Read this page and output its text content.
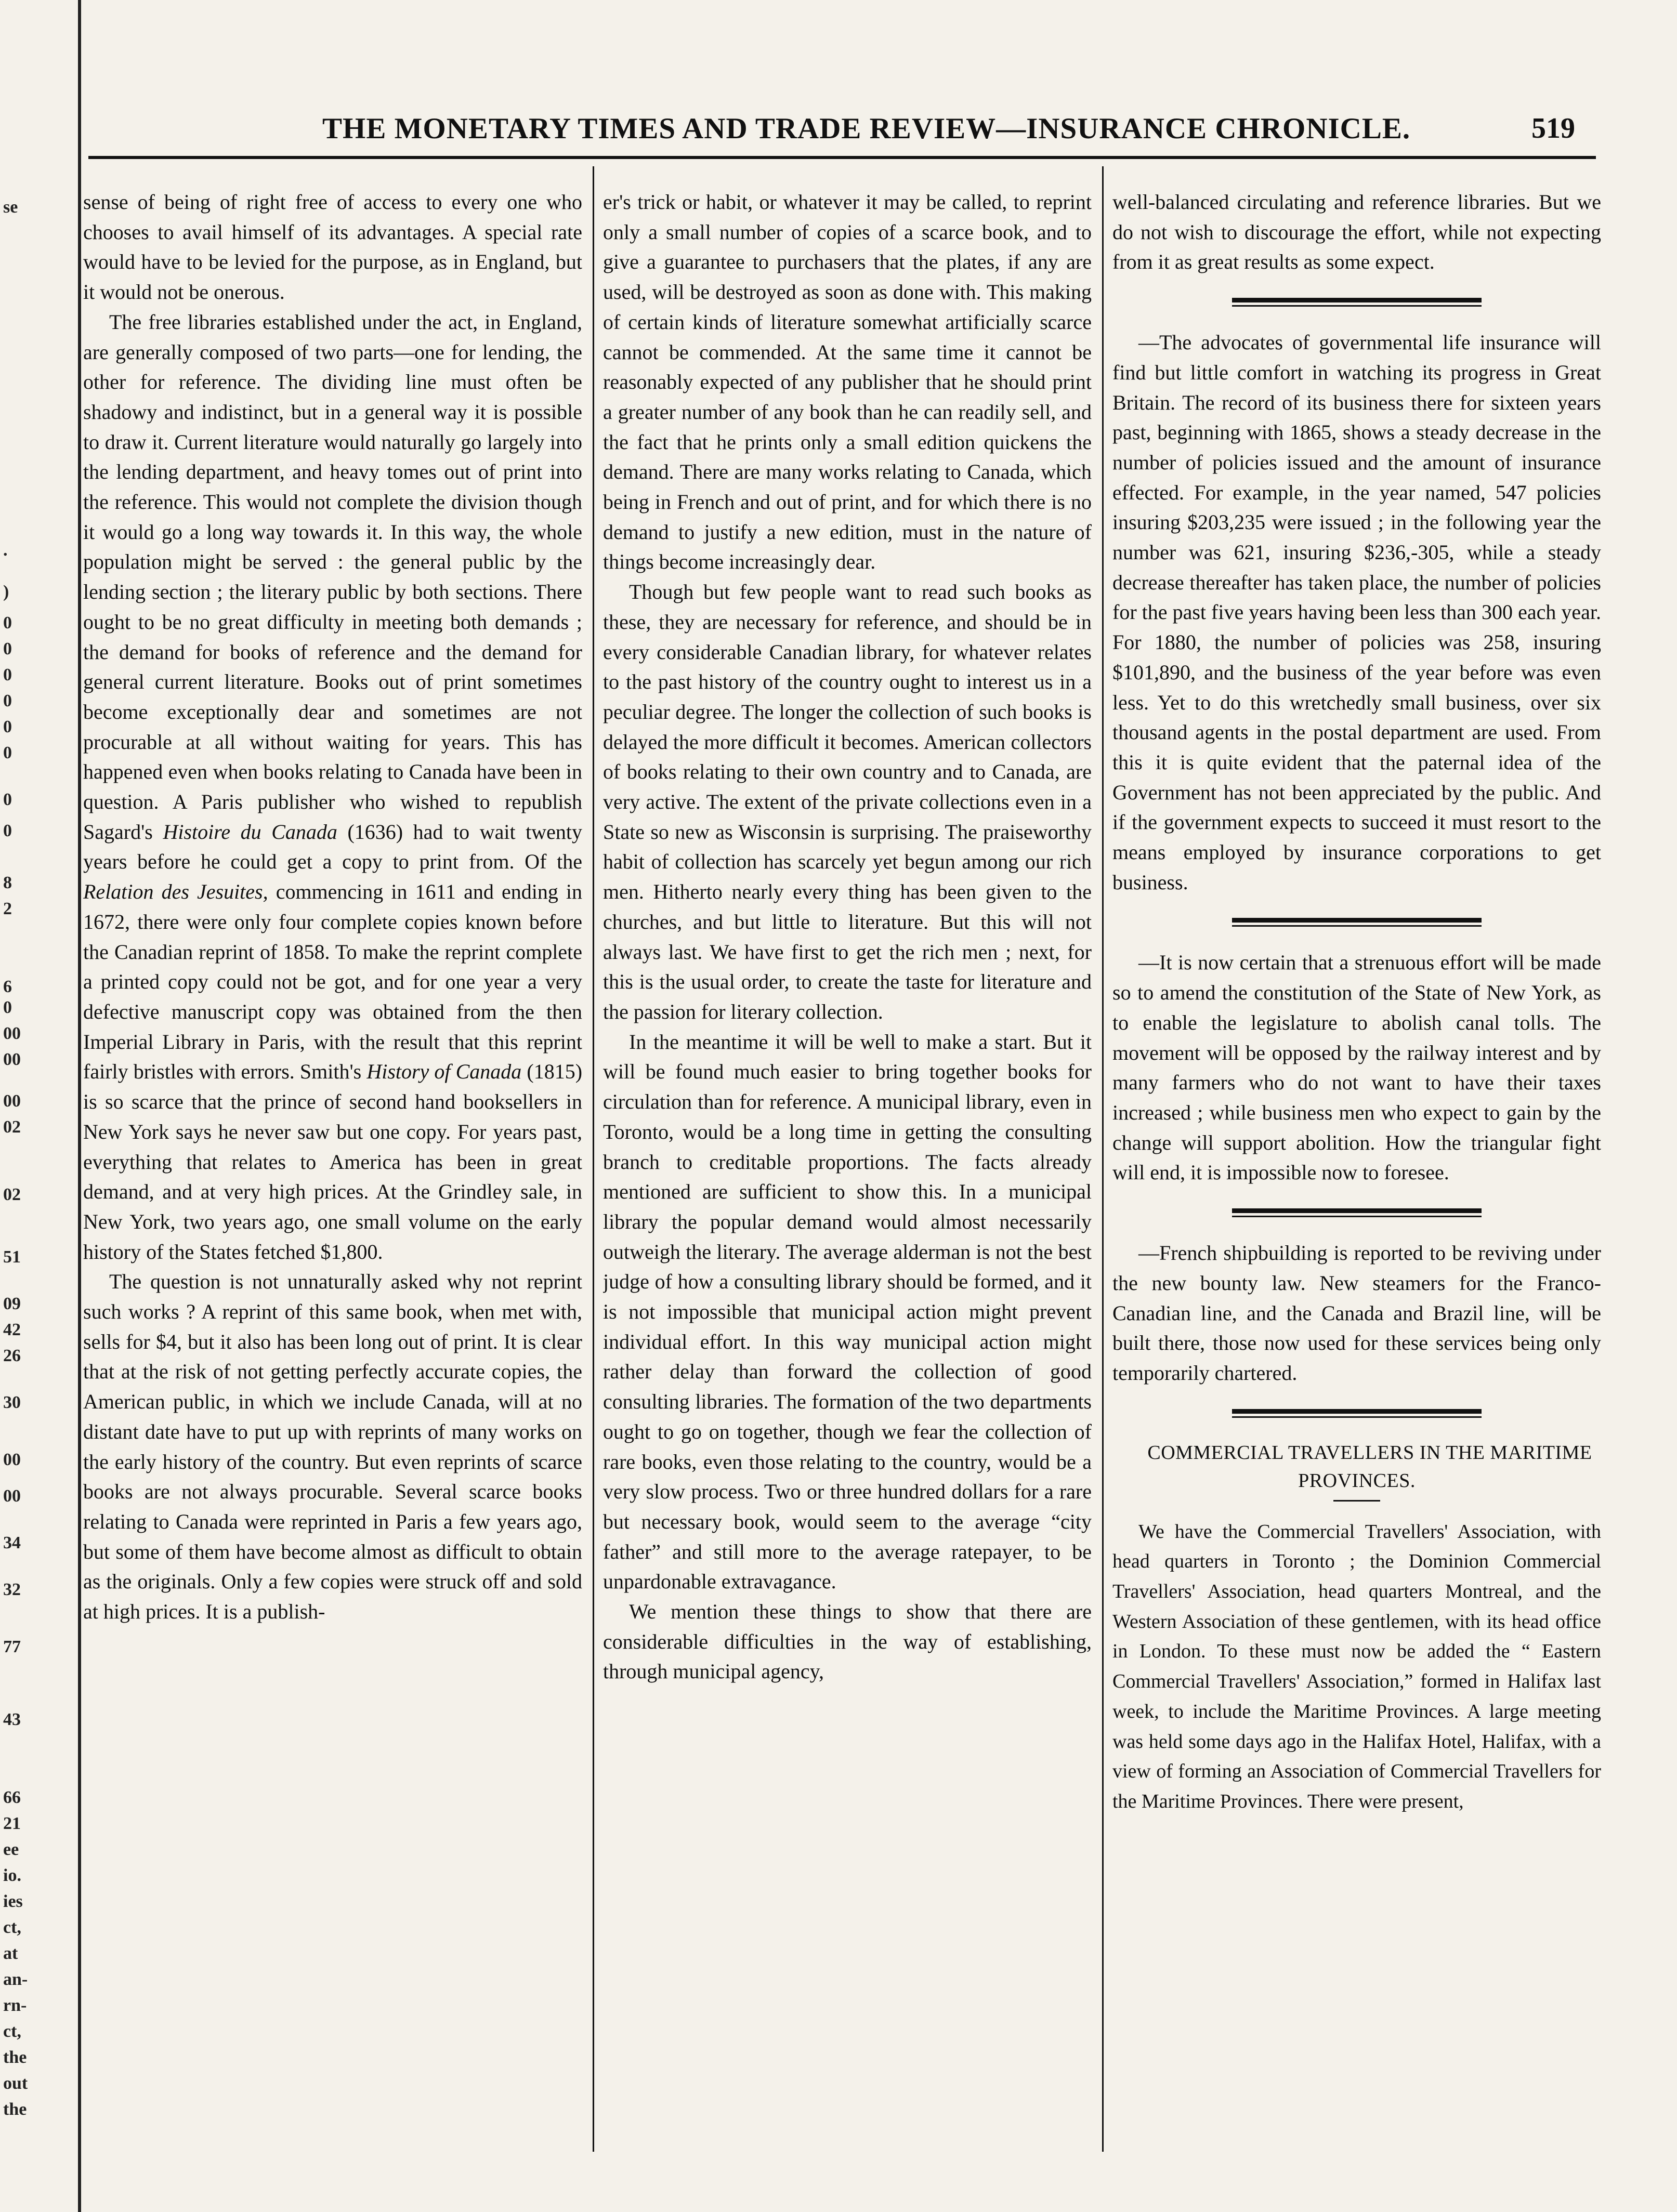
se
.
)
0
0
0
0
0
0
0
0
8
2
6
0
00
00
00
02
02
51
09
42
26
30
00
00
34
32
77
43
66
21
ee
io.
ies
ct,
at
an-
rn-
ct,
the
out
the
THE MONETARY TIMES AND TRADE REVIEW—INSURANCE CHRONICLE.	519

sense of being of right free of access to every one who chooses to avail himself of its advantages. A special rate would have to be levied for the purpose, as in England, but it would not be onerous.

The free libraries established under the act, in England, are generally composed of two parts—one for lending, the other for reference. The dividing line must often be shadowy and indistinct, but in a general way it is possible to draw it. Current literature would naturally go largely into the lending department, and heavy tomes out of print into the reference. This would not complete the division though it would go a long way towards it. In this way, the whole population might be served : the general public by the lending section ; the literary public by both sections. There ought to be no great difficulty in meeting both demands ; the demand for books of reference and the demand for general current literature. Books out of print sometimes become exceptionally dear and sometimes are not procurable at all without waiting for years. This has happened even when books relating to Canada have been in question. A Paris publisher who wished to republish Sagard's Histoire du Canada (1636) had to wait twenty years before he could get a copy to print from. Of the Relation des Jesuites, commencing in 1611 and ending in 1672, there were only four complete copies known before the Canadian reprint of 1858. To make the reprint complete a printed copy could not be got, and for one year a very defective manuscript copy was obtained from the then Imperial Library in Paris, with the result that this reprint fairly bristles with errors. Smith's History of Canada (1815) is so scarce that the prince of second hand booksellers in New York says he never saw but one copy. For years past, everything that relates to America has been in great demand, and at very high prices. At the Grindley sale, in New York, two years ago, one small volume on the early history of the States fetched $1,800.

The question is not unnaturally asked why not reprint such works ? A reprint of this same book, when met with, sells for $4, but it also has been long out of print. It is clear that at the risk of not getting perfectly accurate copies, the American public, in which we include Canada, will at no distant date have to put up with reprints of many works on the early history of the country. But even reprints of scarce books are not always procurable. Several scarce books relating to Canada were reprinted in Paris a few years ago, but some of them have become almost as difficult to obtain as the originals. Only a few copies were struck off and sold at high prices. It is a publish-

er's trick or habit, or whatever it may be called, to reprint only a small number of copies of a scarce book, and to give a guarantee to purchasers that the plates, if any are used, will be destroyed as soon as done with. This making of certain kinds of literature somewhat artificially scarce cannot be commended. At the same time it cannot be reasonably expected of any publisher that he should print a greater number of any book than he can readily sell, and the fact that he prints only a small edition quickens the demand. There are many works relating to Canada, which being in French and out of print, and for which there is no demand to justify a new edition, must in the nature of things become increasingly dear.

Though but few people want to read such books as these, they are necessary for reference, and should be in every considerable Canadian library, for whatever relates to the past history of the country ought to interest us in a peculiar degree. The longer the collection of such books is delayed the more difficult it becomes. American collectors of books relating to their own country and to Canada, are very active. The extent of the private collections even in a State so new as Wisconsin is surprising. The praiseworthy habit of collection has scarcely yet begun among our rich men. Hitherto nearly every thing has been given to the churches, and but little to literature. But this will not always last. We have first to get the rich men ; next, for this is the usual order, to create the taste for literature and the passion for literary collection.

In the meantime it will be well to make a start. But it will be found much easier to bring together books for circulation than for reference. A municipal library, even in Toronto, would be a long time in getting the consulting branch to creditable proportions. The facts already mentioned are sufficient to show this. In a municipal library the popular demand would almost necessarily outweigh the literary. The average alderman is not the best judge of how a consulting library should be formed, and it is not impossible that municipal action might prevent individual effort. In this way municipal action might rather delay than forward the collection of good consulting libraries. The formation of the two departments ought to go on together, though we fear the collection of rare books, even those relating to the country, would be a very slow process. Two or three hundred dollars for a rare but necessary book, would seem to the average “city father” and still more to the average ratepayer, to be unpardonable extravagance.

We mention these things to show that there are considerable difficulties in the way of establishing, through municipal agency,

well-balanced circulating and reference libraries. But we do not wish to discourage the effort, while not expecting from it as great results as some expect.

—The advocates of governmental life insurance will find but little comfort in watching its progress in Great Britain. The record of its business there for sixteen years past, beginning with 1865, shows a steady decrease in the number of policies issued and the amount of insurance effected. For example, in the year named, 547 policies insuring $203,235 were issued ; in the following year the number was 621, insuring $236,-305, while a steady decrease thereafter has taken place, the number of policies for the past five years having been less than 300 each year. For 1880, the number of policies was 258, insuring $101,890, and the business of the year before was even less. Yet to do this wretchedly small business, over six thousand agents in the postal department are used. From this it is quite evident that the paternal idea of the Government has not been appreciated by the public. And if the government expects to succeed it must resort to the means employed by insurance corporations to get business.

—It is now certain that a strenuous effort will be made so to amend the constitution of the State of New York, as to enable the legislature to abolish canal tolls. The movement will be opposed by the railway interest and by many farmers who do not want to have their taxes increased ; while business men who expect to gain by the change will support abolition. How the triangular fight will end, it is impossible now to foresee.

—French shipbuilding is reported to be reviving under the new bounty law. New steamers for the Franco-Canadian line, and the Canada and Brazil line, will be built there, those now used for these services being only temporarily chartered.

COMMERCIAL TRAVELLERS IN THE MARITIME PROVINCES.

We have the Commercial Travellers' Association, with head quarters in Toronto ; the Dominion Commercial Travellers' Association, head quarters Montreal, and the Western Association of these gentlemen, with its head office in London. To these must now be added the “ Eastern Commercial Travellers' Association,” formed in Halifax last week, to include the Maritime Provinces. A large meeting was held some days ago in the Halifax Hotel, Halifax, with a view of forming an Association of Commercial Travellers for the Maritime Provinces. There were present,
